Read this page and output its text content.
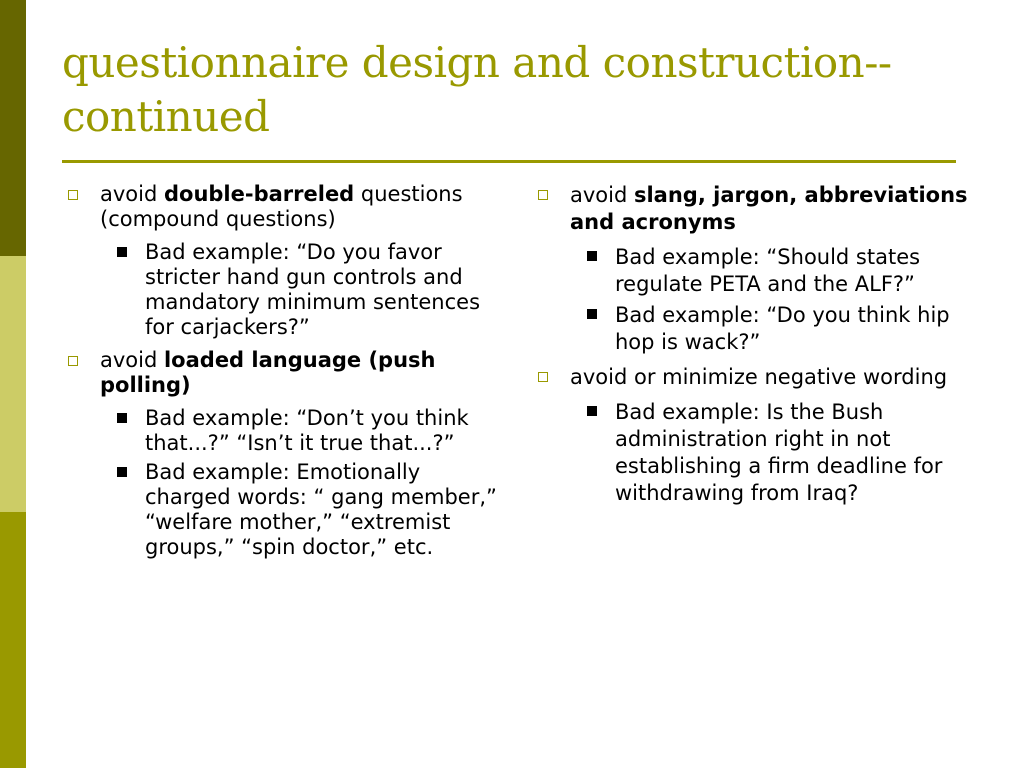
questionnaire design and construction--continued
avoid double-barreled questions (compound questions)
Bad example: “Do you favor stricter hand gun controls and mandatory minimum sentences for carjackers?”
avoid loaded language (push polling)
Bad example: “Don’t you think that...?” “Isn’t it true that...?”
Bad example: Emotionally charged words: “ gang member,” “welfare mother,” “extremist groups,” “spin doctor,” etc.
avoid slang, jargon, abbreviations and acronyms
Bad example: “Should states regulate PETA and the ALF?”
Bad example: “Do you think hip hop is wack?”
avoid or minimize negative wording
Bad example: Is the Bush administration right in not establishing a firm deadline for withdrawing from Iraq?
